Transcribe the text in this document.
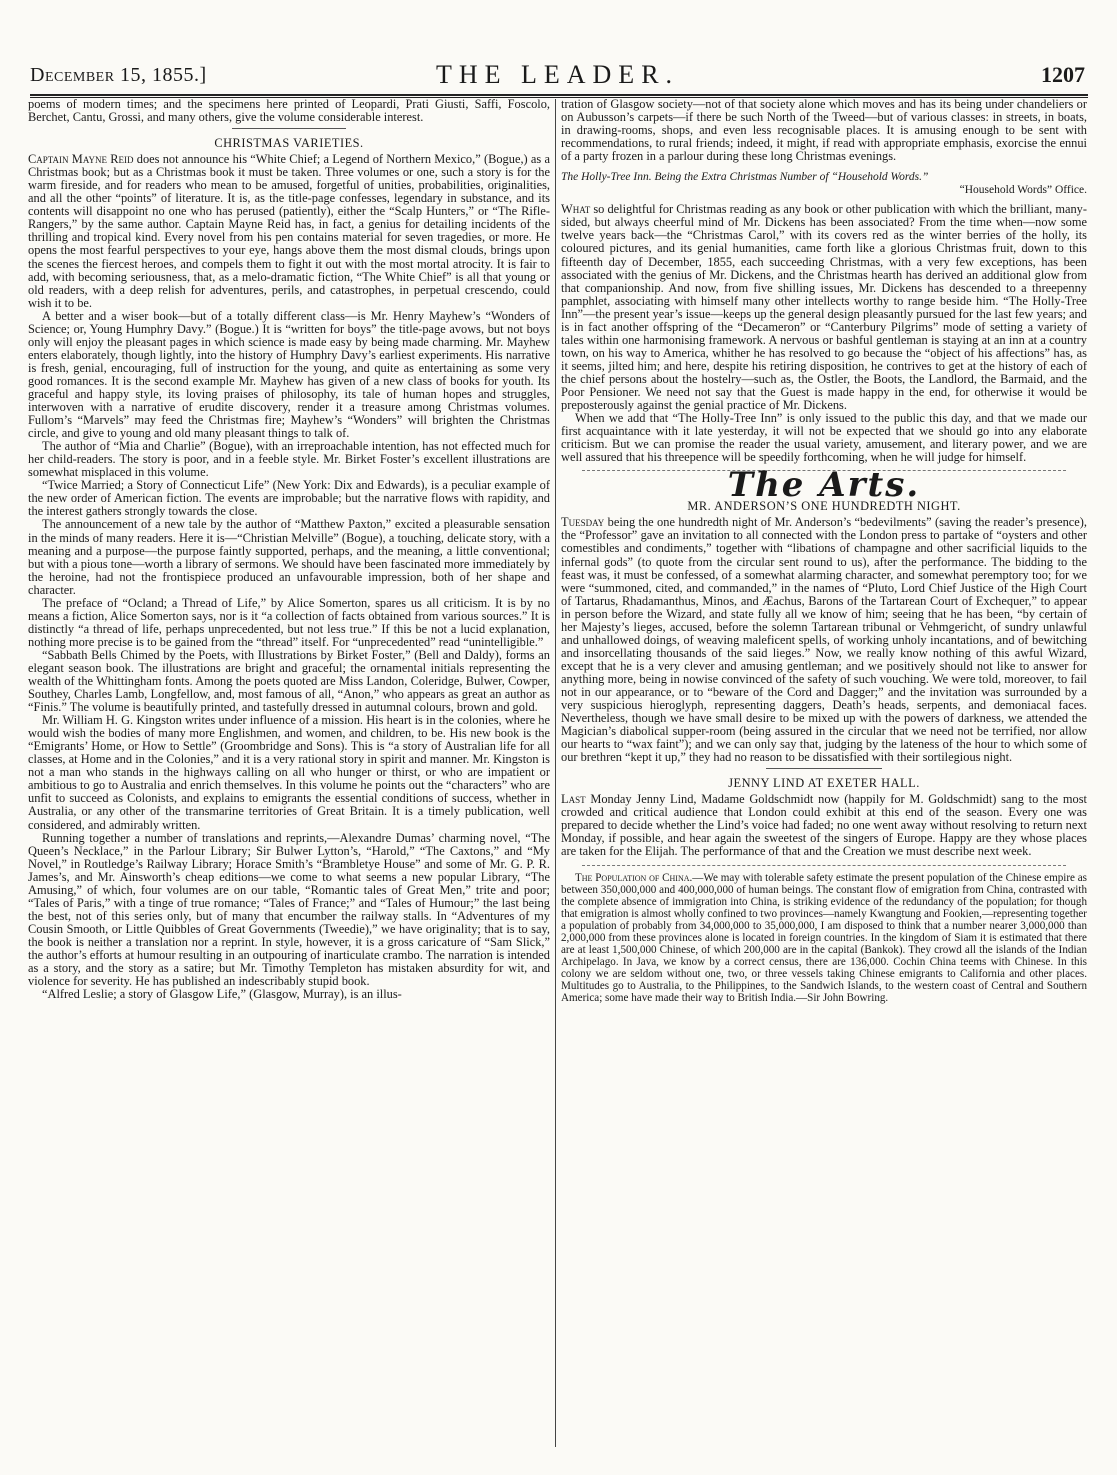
December 15, 1855.]	THE LEADER.	1207

poems of modern times; and the specimens here printed of Leopardi, Prati Giusti, Saffi, Foscolo, Berchet, Cantu, Grossi, and many others, give the volume considerable interest.

CHRISTMAS VARIETIES.

Captain Mayne Reid does not announce his “White Chief; a Legend of Northern Mexico,” (Bogue,) as a Christmas book; but as a Christmas book it must be taken. Three volumes or one, such a story is for the warm fireside, and for readers who mean to be amused, forgetful of unities, probabilities, originalities, and all the other “points” of literature. It is, as the title-page confesses, legendary in substance, and its contents will disappoint no one who has perused (patiently), either the “Scalp Hunters,” or “The Rifle-Rangers,” by the same author. Captain Mayne Reid has, in fact, a genius for detailing incidents of the thrilling and tropical kind. Every novel from his pen contains material for seven tragedies, or more. He opens the most fearful perspectives to your eye, hangs above them the most dismal clouds, brings upon the scenes the fiercest heroes, and compels them to fight it out with the most mortal atrocity. It is fair to add, with becoming seriousness, that, as a melo-dramatic fiction, “The White Chief” is all that young or old readers, with a deep relish for adventures, perils, and catastrophes, in perpetual crescendo, could wish it to be.

A better and a wiser book—but of a totally different class—is Mr. Henry Mayhew’s “Wonders of Science; or, Young Humphry Davy.” (Bogue.) It is “written for boys” the title-page avows, but not boys only will enjoy the pleasant pages in which science is made easy by being made charming. Mr. Mayhew enters elaborately, though lightly, into the history of Humphry Davy’s earliest experiments. His narrative is fresh, genial, encouraging, full of instruction for the young, and quite as entertaining as some very good romances. It is the second example Mr. Mayhew has given of a new class of books for youth. Its graceful and happy style, its loving praises of philosophy, its tale of human hopes and struggles, interwoven with a narrative of erudite discovery, render it a treasure among Christmas volumes. Fullom’s “Marvels” may feed the Christmas fire; Mayhew’s “Wonders” will brighten the Christmas circle, and give to young and old many pleasant things to talk of.

The author of “Mia and Charlie” (Bogue), with an irreproachable intention, has not effected much for her child-readers. The story is poor, and in a feeble style. Mr. Birket Foster’s excellent illustrations are somewhat misplaced in this volume.

“Twice Married; a Story of Connecticut Life” (New York: Dix and Edwards), is a peculiar example of the new order of American fiction. The events are improbable; but the narrative flows with rapidity, and the interest gathers strongly towards the close.

The announcement of a new tale by the author of “Matthew Paxton,” excited a pleasurable sensation in the minds of many readers. Here it is—“Christian Melville” (Bogue), a touching, delicate story, with a meaning and a purpose—the purpose faintly supported, perhaps, and the meaning, a little conventional; but with a pious tone—worth a library of sermons. We should have been fascinated more immediately by the heroine, had not the frontispiece produced an unfavourable impression, both of her shape and character.

The preface of “Ocland; a Thread of Life,” by Alice Somerton, spares us all criticism. It is by no means a fiction, Alice Somerton says, nor is it “a collection of facts obtained from various sources.” It is distinctly “a thread of life, perhaps unprecedented, but not less true.” If this be not a lucid explanation, nothing more precise is to be gained from the “thread” itself. For “unprecedented” read “unintelligible.”

“Sabbath Bells Chimed by the Poets, with Illustrations by Birket Foster,” (Bell and Daldy), forms an elegant season book. The illustrations are bright and graceful; the ornamental initials representing the wealth of the Whittingham fonts. Among the poets quoted are Miss Landon, Coleridge, Bulwer, Cowper, Southey, Charles Lamb, Longfellow, and, most famous of all, “Anon,” who appears as great an author as “Finis.” The volume is beautifully printed, and tastefully dressed in autumnal colours, brown and gold.

Mr. William H. G. Kingston writes under influence of a mission. His heart is in the colonies, where he would wish the bodies of many more Englishmen, and women, and children, to be. His new book is the “Emigrants’ Home, or How to Settle” (Groombridge and Sons). This is “a story of Australian life for all classes, at Home and in the Colonies,” and it is a very rational story in spirit and manner. Mr. Kingston is not a man who stands in the highways calling on all who hunger or thirst, or who are impatient or ambitious to go to Australia and enrich themselves. In this volume he points out the “characters” who are unfit to succeed as Colonists, and explains to emigrants the essential conditions of success, whether in Australia, or any other of the transmarine territories of Great Britain. It is a timely publication, well considered, and admirably written.

Running together a number of translations and reprints,—Alexandre Dumas’ charming novel, “The Queen’s Necklace,” in the Parlour Library; Sir Bulwer Lytton’s, “Harold,” “The Caxtons,” and “My Novel,” in Routledge’s Railway Library; Horace Smith’s “Brambletye House” and some of Mr. G. P. R. James’s, and Mr. Ainsworth’s cheap editions—we come to what seems a new popular Library, “The Amusing,” of which, four volumes are on our table, “Romantic tales of Great Men,” trite and poor; “Tales of Paris,” with a tinge of true romance; “Tales of France;” and “Tales of Humour;” the last being the best, not of this series only, but of many that encumber the railway stalls. In “Adventures of my Cousin Smooth, or Little Quibbles of Great Governments (Tweedie),” we have originality; that is to say, the book is neither a translation nor a reprint. In style, however, it is a gross caricature of “Sam Slick,” the author’s efforts at humour resulting in an outpouring of inarticulate crambo. The narration is intended as a story, and the story as a satire; but Mr. Timothy Templeton has mistaken absurdity for wit, and violence for severity. He has published an indescribably stupid book.

“Alfred Leslie; a story of Glasgow Life,” (Glasgow, Murray), is an illus-

tration of Glasgow society—not of that society alone which moves and has its being under chandeliers or on Aubusson’s carpets—if there be such North of the Tweed—but of various classes: in streets, in boats, in drawing-rooms, shops, and even less recognisable places. It is amusing enough to be sent with recommendations, to rural friends; indeed, it might, if read with appropriate emphasis, exorcise the ennui of a party frozen in a parlour during these long Christmas evenings.

The Holly-Tree Inn. Being the Extra Christmas Number of “Household Words.”

“Household Words” Office.

What so delightful for Christmas reading as any book or other publication with which the brilliant, many-sided, but always cheerful mind of Mr. Dickens has been associated? From the time when—now some twelve years back—the “Christmas Carol,” with its covers red as the winter berries of the holly, its coloured pictures, and its genial humanities, came forth like a glorious Christmas fruit, down to this fifteenth day of December, 1855, each succeeding Christmas, with a very few exceptions, has been associated with the genius of Mr. Dickens, and the Christmas hearth has derived an additional glow from that companionship. And now, from five shilling issues, Mr. Dickens has descended to a threepenny pamphlet, associating with himself many other intellects worthy to range beside him. “The Holly-Tree Inn”—the present year’s issue—keeps up the general design pleasantly pursued for the last few years; and is in fact another offspring of the “Decameron” or “Canterbury Pilgrims” mode of setting a variety of tales within one harmonising framework. A nervous or bashful gentleman is staying at an inn at a country town, on his way to America, whither he has resolved to go because the “object of his affections” has, as it seems, jilted him; and here, despite his retiring disposition, he contrives to get at the history of each of the chief persons about the hostelry—such as, the Ostler, the Boots, the Landlord, the Barmaid, and the Poor Pensioner. We need not say that the Guest is made happy in the end, for otherwise it would be preposterously against the genial practice of Mr. Dickens.

When we add that “The Holly-Tree Inn” is only issued to the public this day, and that we made our first acquaintance with it late yesterday, it will not be expected that we should go into any elaborate criticism. But we can promise the reader the usual variety, amusement, and literary power, and we are well assured that his threepence will be speedily forthcoming, when he will judge for himself.

The Arts.
MR. ANDERSON’S ONE HUNDREDTH NIGHT.

Tuesday being the one hundredth night of Mr. Anderson’s “bedevilments” (saving the reader’s presence), the “Professor” gave an invitation to all connected with the London press to partake of “oysters and other comestibles and condiments,” together with “libations of champagne and other sacrificial liquids to the infernal gods” (to quote from the circular sent round to us), after the performance. The bidding to the feast was, it must be confessed, of a somewhat alarming character, and somewhat peremptory too; for we were “summoned, cited, and commanded,” in the names of “Pluto, Lord Chief Justice of the High Court of Tartarus, Rhadamanthus, Minos, and Æachus, Barons of the Tartarean Court of Exchequer,” to appear in person before the Wizard, and state fully all we know of him; seeing that he has been, “by certain of her Majesty’s lieges, accused, before the solemn Tartarean tribunal or Vehmgericht, of sundry unlawful and unhallowed doings, of weaving maleficent spells, of working unholy incantations, and of bewitching and insorcellating thousands of the said lieges.” Now, we really know nothing of this awful Wizard, except that he is a very clever and amusing gentleman; and we positively should not like to answer for anything more, being in nowise convinced of the safety of such vouching. We were told, moreover, to fail not in our appearance, or to “beware of the Cord and Dagger;” and the invitation was surrounded by a very suspicious hieroglyph, representing daggers, Death’s heads, serpents, and demoniacal faces. Nevertheless, though we have small desire to be mixed up with the powers of darkness, we attended the Magician’s diabolical supper-room (being assured in the circular that we need not be terrified, nor allow our hearts to “wax faint”); and we can only say that, judging by the lateness of the hour to which some of our brethren “kept it up,” they had no reason to be dissatisfied with their sortilegious night.

JENNY LIND AT EXETER HALL.

Last Monday Jenny Lind, Madame Goldschmidt now (happily for M. Goldschmidt) sang to the most crowded and critical audience that London could exhibit at this end of the season. Every one was prepared to decide whether the Lind’s voice had faded; no one went away without resolving to return next Monday, if possible, and hear again the sweetest of the singers of Europe. Happy are they whose places are taken for the Elijah. The performance of that and the Creation we must describe next week.

The Population of China.—We may with tolerable safety estimate the present population of the Chinese empire as between 350,000,000 and 400,000,000 of human beings. The constant flow of emigration from China, contrasted with the complete absence of immigration into China, is striking evidence of the redundancy of the population; for though that emigration is almost wholly confined to two provinces—namely Kwangtung and Fookien,—representing together a population of probably from 34,000,000 to 35,000,000, I am disposed to think that a number nearer 3,000,000 than 2,000,000 from these provinces alone is located in foreign countries. In the kingdom of Siam it is estimated that there are at least 1,500,000 Chinese, of which 200,000 are in the capital (Bankok). They crowd all the islands of the Indian Archipelago. In Java, we know by a correct census, there are 136,000. Cochin China teems with Chinese. In this colony we are seldom without one, two, or three vessels taking Chinese emigrants to California and other places. Multitudes go to Australia, to the Philippines, to the Sandwich Islands, to the western coast of Central and Southern America; some have made their way to British India.—Sir John Bowring.
